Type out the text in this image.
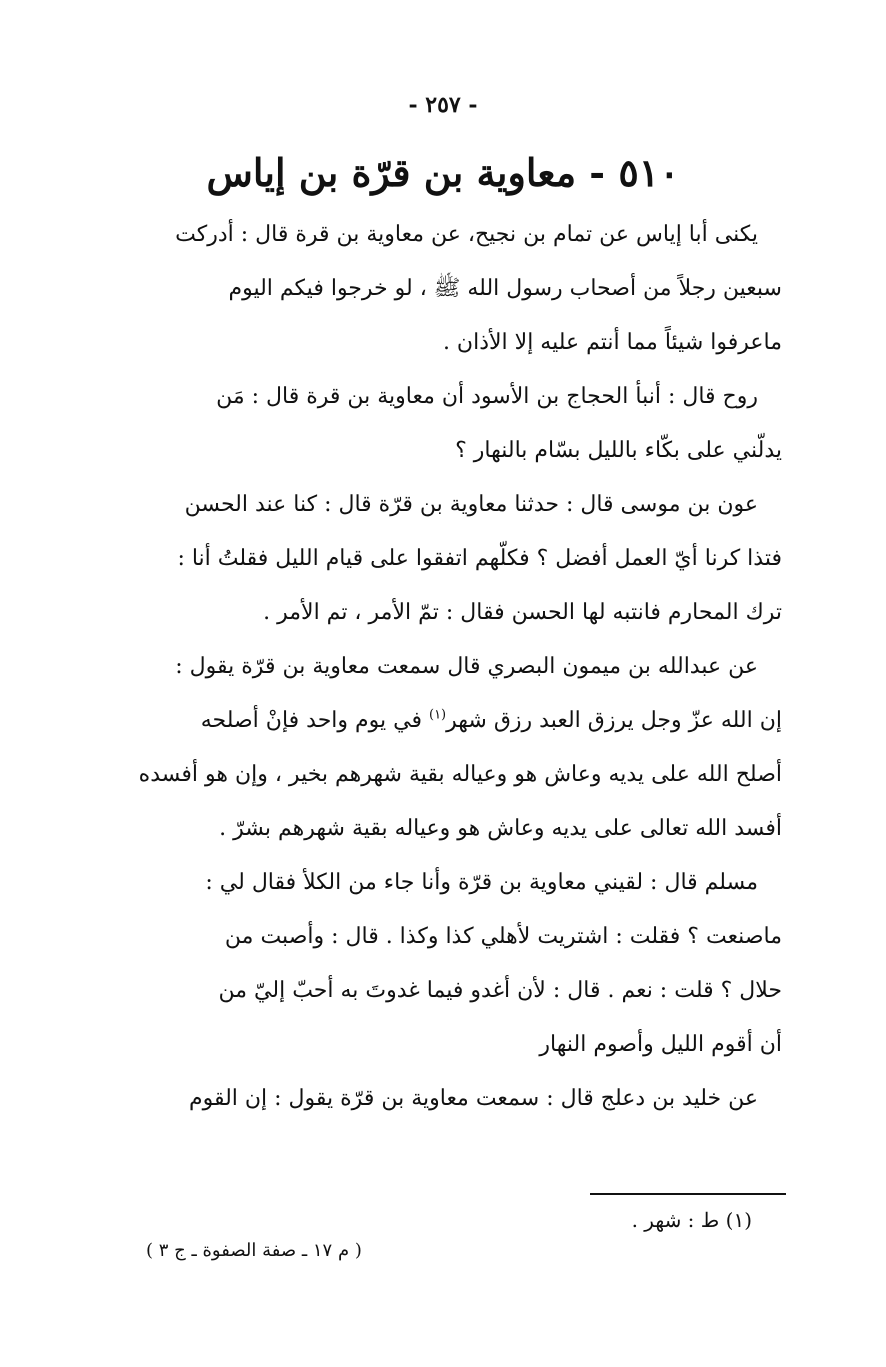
- ٢٥٧ -
٥١٠ - معاوية بن قرّة بن إياس
يكنى أبا إياس عن تمام بن نجيح، عن معاوية بن قرة قال : أدركت
سبعين رجلاً من أصحاب رسول الله ﷺ ، لو خرجوا فيكم اليوم
ماعرفوا شيئاً مما أنتم عليه إلا الأذان .
روح قال : أنبأ الحجاج بن الأسود أن معاوية بن قرة قال : مَن
يدلّني على بكّاء بالليل بسّام بالنهار ؟
عون بن موسى قال : حدثنا معاوية بن قرّة قال : كنا عند الحسن
فتذا كرنا أيّ العمل أفضل ؟ فكلّهم اتفقوا على قيام الليل فقلتُ أنا :
ترك المحارم فانتبه لها الحسن فقال : تمّ الأمر ، تم الأمر .
عن عبدالله بن ميمون البصري قال سمعت معاوية بن قرّة يقول :
إن الله عزّ وجل يرزق العبد رزق شهر$^{(١)}$ في يوم واحد فإنْ أصلحه
أصلح الله على يديه وعاش هو وعياله بقية شهرهم بخير ، وإن هو أفسده
أفسد الله تعالى على يديه وعاش هو وعياله بقية شهرهم بشرّ .
مسلم قال : لقيني معاوية بن قرّة وأنا جاء من الكلأ فقال لي :
ماصنعت ؟ فقلت : اشتريت لأهلي كذا وكذا . قال : وأصبت من
حلال ؟ قلت : نعم . قال : لأن أغدو فيما غدوتَ به أحبّ إليّ من
أن أقوم الليل وأصوم النهار
عن خليد بن دعلج قال : سمعت معاوية بن قرّة يقول : إن القوم
(١) ط : شهر .
( م ١٧ ـ صفة الصفوة ـ ج ٣ )
